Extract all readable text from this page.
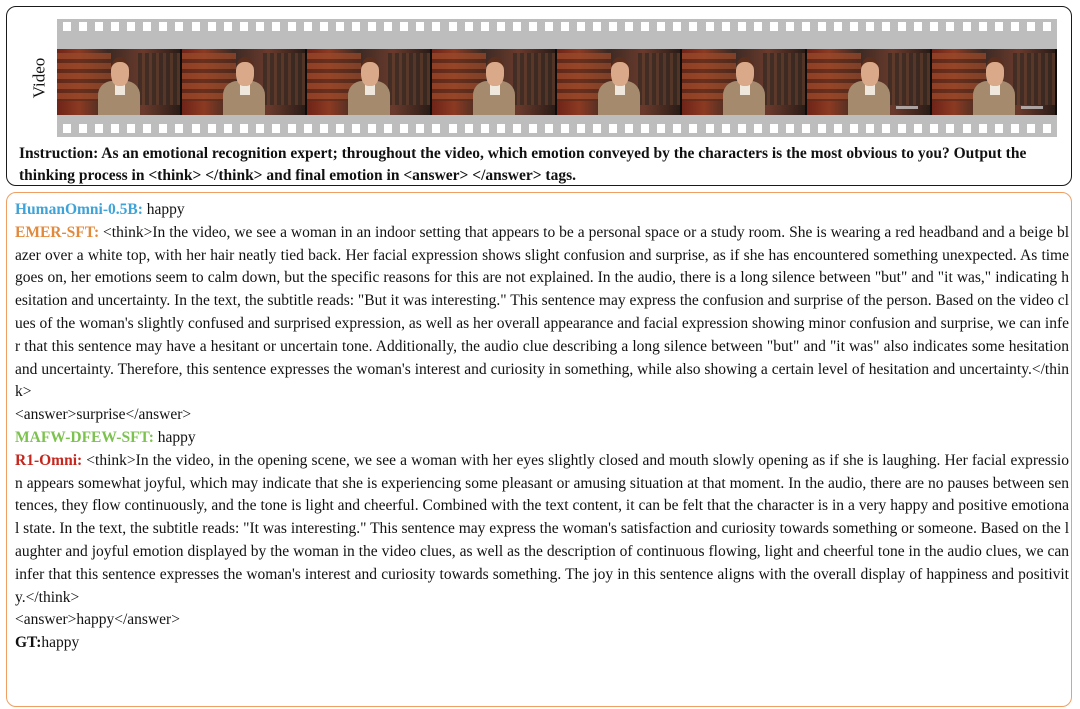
Video

Instruction: As an emotional recognition expert; throughout the video, which emotion conveyed by the characters is the most obvious to you? Output the thinking process in <think> </think> and final emotion in <answer> </answer> tags.

HumanOmni-0.5B: happy

EMER-SFT: <think>In the video, we see a woman in an indoor setting that appears to be a personal space or a study room. She is wearing a red headband and a beige blazer over a white top, with her hair neatly tied back. Her facial expression shows slight confusion and surprise, as if she has encountered something unexpected. As time goes on, her emotions seem to calm down, but the specific reasons for this are not explained. In the audio, there is a long silence between "but" and "it was," indicating hesitation and uncertainty. In the text, the subtitle reads: "But it was interesting." This sentence may express the confusion and surprise of the person. Based on the video clues of the woman's slightly confused and surprised expression, as well as her overall appearance and facial expression showing minor confusion and surprise, we can infer that this sentence may have a hesitant or uncertain tone. Additionally, the audio clue describing a long silence between "but" and "it was" also indicates some hesitation and uncertainty. Therefore, this sentence expresses the woman's interest and curiosity in something, while also showing a certain level of hesitation and uncertainty.</think>

<answer>surprise</answer>

MAFW-DFEW-SFT: happy

R1-Omni: <think>In the video, in the opening scene, we see a woman with her eyes slightly closed and mouth slowly opening as if she is laughing. Her facial expression appears somewhat joyful, which may indicate that she is experiencing some pleasant or amusing situation at that moment. In the audio, there are no pauses between sentences, they flow continuously, and the tone is light and cheerful. Combined with the text content, it can be felt that the character is in a very happy and positive emotional state. In the text, the subtitle reads: "It was interesting." This sentence may express the woman's satisfaction and curiosity towards something or someone. Based on the laughter and joyful emotion displayed by the woman in the video clues, as well as the description of continuous flowing, light and cheerful tone in the audio clues, we can infer that this sentence expresses the woman's interest and curiosity towards something. The joy in this sentence aligns with the overall display of happiness and positivity.</think>

<answer>happy</answer>

GT:happy
